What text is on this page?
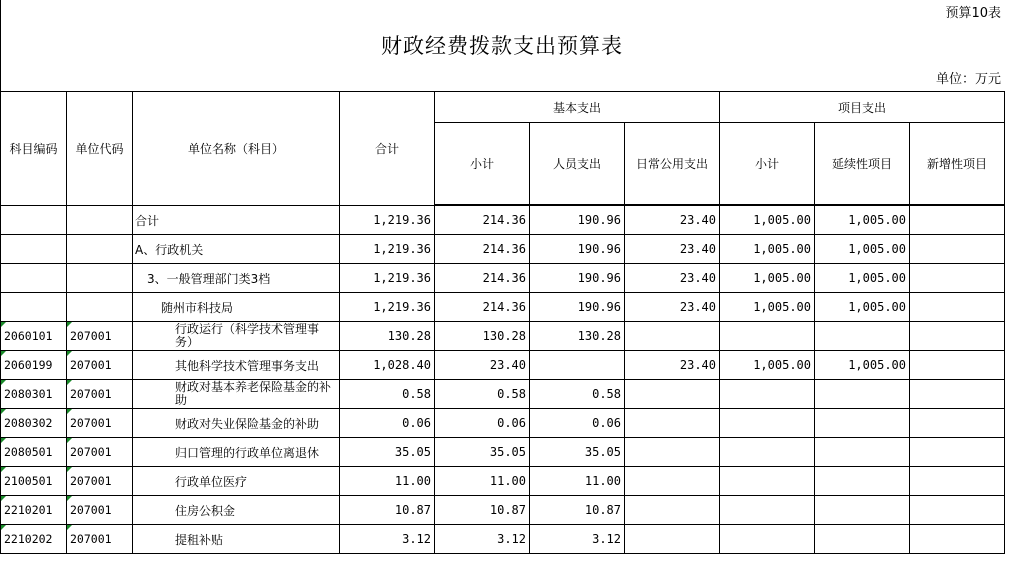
预算10表
财政经费拨款支出预算表
单位：万元
科目编码	单位代码	单位名称（科目）	合计	基本支出			项目支出		
				小计	人员支出	日常公用支出	小计	延续性项目	新增性项目

		合计	1,219.36	214.36	190.96	23.40	1,005.00	1,005.00	
		A、行政机关	1,219.36	214.36	190.96	23.40	1,005.00	1,005.00	
		3、一般管理部门类3档	1,219.36	214.36	190.96	23.40	1,005.00	1,005.00	
		随州市科技局	1,219.36	214.36	190.96	23.40	1,005.00	1,005.00	
2060101	207001	行政运行（科学技术管理事务）	130.28	130.28	130.28				
2060199	207001	其他科学技术管理事务支出	1,028.40	23.40		23.40	1,005.00	1,005.00	
2080301	207001	财政对基本养老保险基金的补助	0.58	0.58	0.58				
2080302	207001	财政对失业保险基金的补助	0.06	0.06	0.06				
2080501	207001	归口管理的行政单位离退休	35.05	35.05	35.05				
2100501	207001	行政单位医疗	11.00	11.00	11.00				
2210201	207001	住房公积金	10.87	10.87	10.87				
2210202	207001	提租补贴	3.12	3.12	3.12				
